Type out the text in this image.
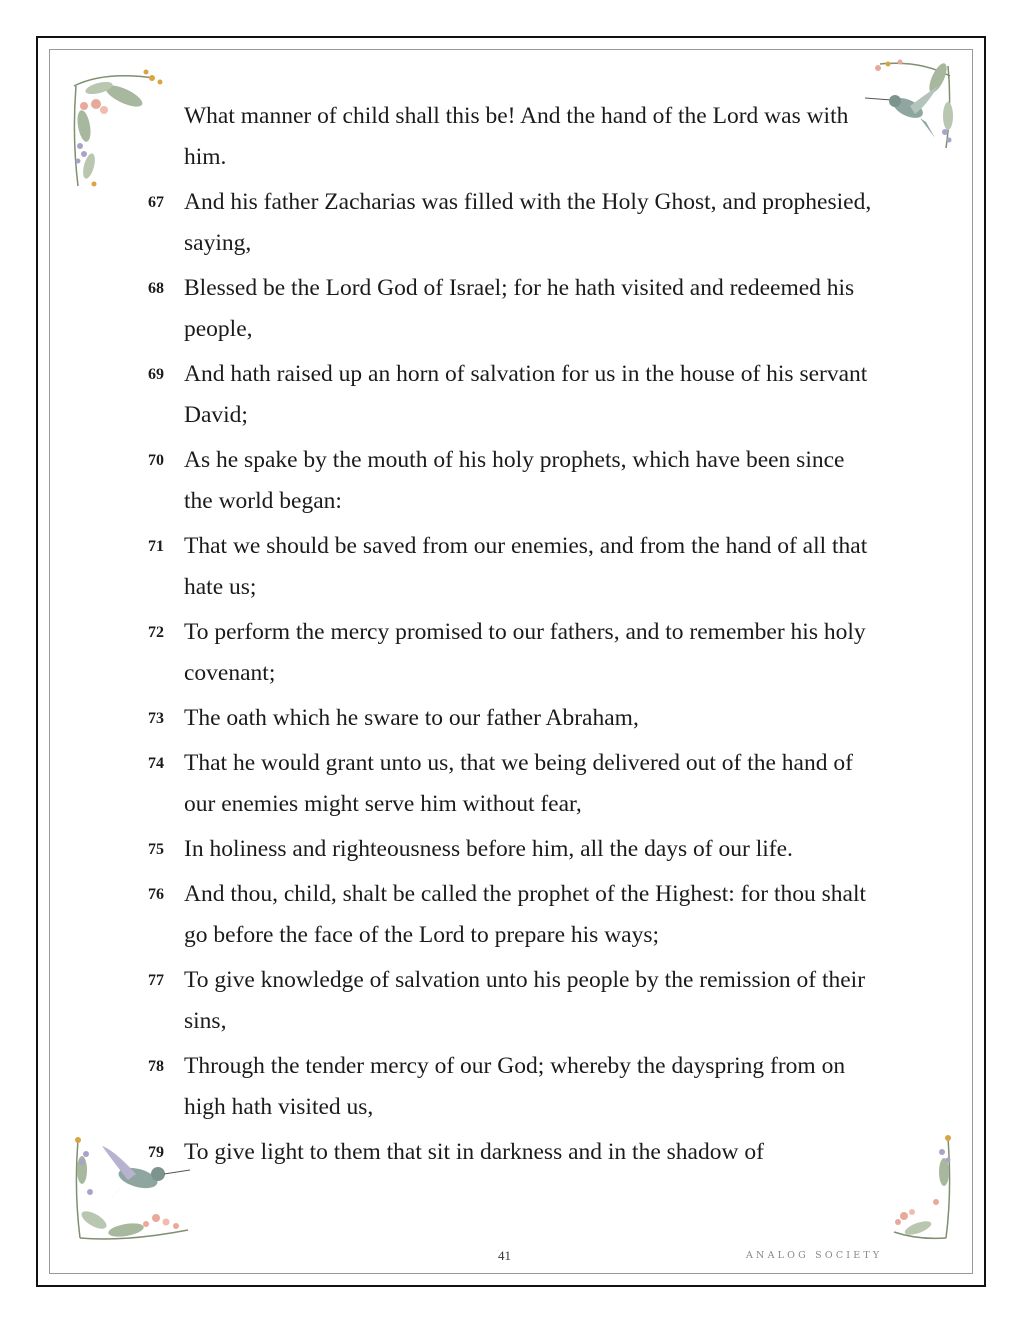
What manner of child shall this be! And the hand of the Lord was with him.
67 And his father Zacharias was filled with the Holy Ghost, and prophesied, saying,
68 Blessed be the Lord God of Israel; for he hath visited and redeemed his people,
69 And hath raised up an horn of salvation for us in the house of his servant David;
70 As he spake by the mouth of his holy prophets, which have been since the world began:
71 That we should be saved from our enemies, and from the hand of all that hate us;
72 To perform the mercy promised to our fathers, and to remember his holy covenant;
73 The oath which he sware to our father Abraham,
74 That he would grant unto us, that we being delivered out of the hand of our enemies might serve him without fear,
75 In holiness and righteousness before him, all the days of our life.
76 And thou, child, shalt be called the prophet of the Highest: for thou shalt go before the face of the Lord to prepare his ways;
77 To give knowledge of salvation unto his people by the remission of their sins,
78 Through the tender mercy of our God; whereby the dayspring from on high hath visited us,
79 To give light to them that sit in darkness and in the shadow of
41	ANALOG SOCIETY
